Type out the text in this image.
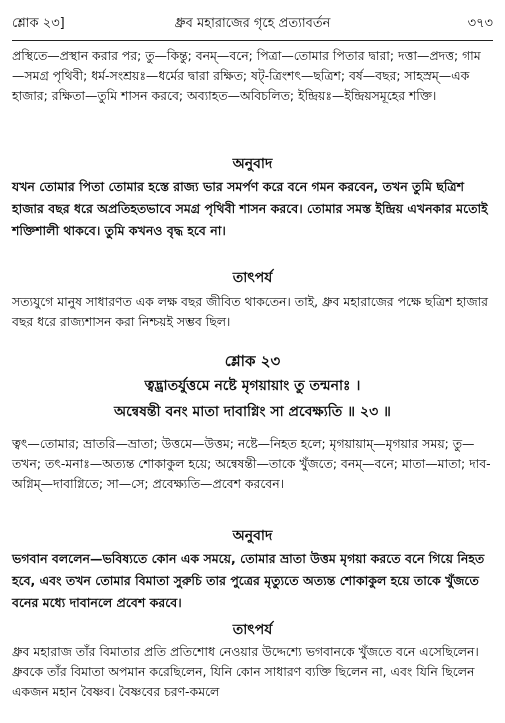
শ্লোক ২৩]	ধ্রুব মহারাজের গৃহে প্রত্যাবর্তন	৩৭৩
প্রস্থিতে—প্রস্থান করার পর; তু—কিন্তু; বনম্—বনে; পিত্রা—তোমার পিতার দ্বারা; দত্তা—প্রদত্ত; গাম—সমগ্র পৃথিবী; ধর্ম-সংশ্রয়ঃ—ধর্মের দ্বারা রক্ষিত; ষট্-ত্রিংশৎ—ছত্রিশ; বর্ষ—বছর; সাহস্রম্—এক হাজার; রক্ষিতা—তুমি শাসন করবে; অব্যাহত—অবিচলিত; ইন্দ্রিয়ঃ—ইন্দ্রিয়সমূহের শক্তি।
অনুবাদ
যখন তোমার পিতা তোমার হস্তে রাজ্য ভার সমর্পণ করে বনে গমন করবেন, তখন তুমি ছত্রিশ হাজার বছর ধরে অপ্রতিহতভাবে সমগ্র পৃথিবী শাসন করবে। তোমার সমস্ত ইন্দ্রিয় এখনকার মতোই শক্তিশালী থাকবে। তুমি কখনও বৃদ্ধ হবে না।
তাৎপর্য
সত্যযুগে মানুষ সাধারণত এক লক্ষ বছর জীবিত থাকতেন। তাই, ধ্রুব মহারাজের পক্ষে ছত্রিশ হাজার বছর ধরে রাজ্যশাসন করা নিশ্চয়ই সম্ভব ছিল।
শ্লোক ২৩
ত্বদ্ভ্রাতর্যুত্তমে নষ্টে মৃগয়ায়াং তু তন্মনাঃ ।
অন্বেষন্তী বনং মাতা দাবাগ্নিং সা প্রবেক্ষ্যতি ॥ ২৩ ॥
ত্বৎ—তোমার; ভ্রাতরি—ভ্রাতা; উত্তমে—উত্তম; নষ্টে—নিহত হলে; মৃগয়ায়াম্—মৃগয়ার সময়; তু—তখন; তৎ-মনাঃ—অত্যন্ত শোকাকুল হয়ে; অন্বেষন্তী—তাকে খুঁজতে; বনম্—বনে; মাতা—মাতা; দাব-অগ্নিম্—দাবাগ্নিতে; সা—সে; প্রবেক্ষ্যতি—প্রবেশ করবেন।
অনুবাদ
ভগবান বললেন—ভবিষ্যতে কোন এক সময়ে, তোমার ভ্রাতা উত্তম মৃগয়া করতে বনে গিয়ে নিহত হবে, এবং তখন তোমার বিমাতা সুরুচি তার পুত্রের মৃত্যুতে অত্যন্ত শোকাকুল হয়ে তাকে খুঁজতে বনের মধ্যে দাবানলে প্রবেশ করবে।
তাৎপর্য
ধ্রুব মহারাজ তাঁর বিমাতার প্রতি প্রতিশোধ নেওয়ার উদ্দেশ্যে ভগবানকে খুঁজতে বনে এসেছিলেন। ধ্রুবকে তাঁর বিমাতা অপমান করেছিলেন, যিনি কোন সাধারণ ব্যক্তি ছিলেন না, এবং যিনি ছিলেন একজন মহান বৈষ্ণব। বৈষ্ণবের চরণ-কমলে
